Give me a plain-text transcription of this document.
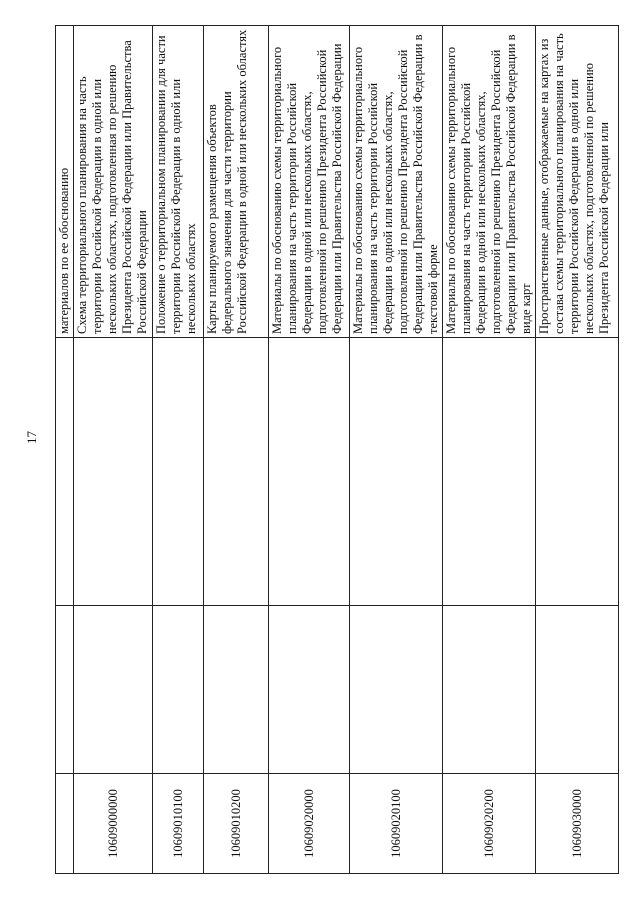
17
			материалов по ее обоснованию
10609000000			Схема территориального планирования на часть территории Российской Федерации в одной или нескольких областях, подготовленная по решению Президента Российской Федерации или Правительства Российской Федерации
10609010100			Положение о территориальном планировании для части территории Российской Федерации в одной или нескольких областях
10609010200			Карты планируемого размещения объектов федерального значения для части территории Российской Федерации в одной или нескольких областях
10609020000			Материалы по обоснованию схемы территориального планирования на часть территории Российской Федерации в одной или нескольких областях, подготовленной по решению Президента Российской Федерации или Правительства Российской Федерации
10609020100			Материалы по обоснованию схемы территориального планирования на часть территории Российской Федерации в одной или нескольких областях, подготовленной по решению Президента Российской Федерации или Правительства Российской Федерации в текстовой форме
10609020200			Материалы по обоснованию схемы территориального планирования на часть территории Российской Федерации в одной или нескольких областях, подготовленной по решению Президента Российской Федерации или Правительства Российской Федерации в виде карт
10609030000			Пространственные данные, отображаемые на картах из состава схемы территориального планирования на часть территории Российской Федерации в одной или нескольких областях, подготовленной по решению Президента Российской Федерации или
